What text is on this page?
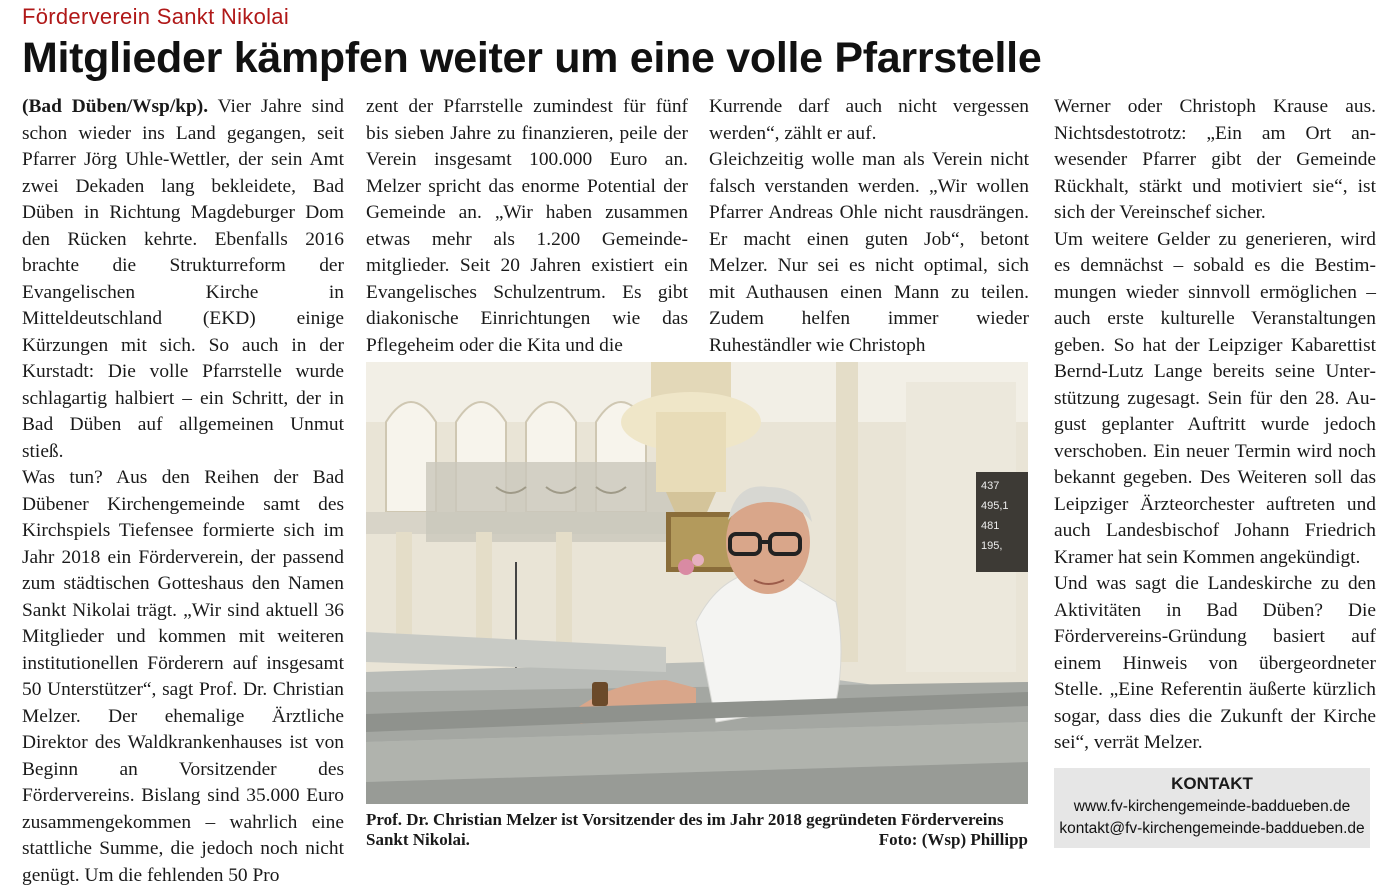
Förderverein Sankt Nikolai
Mitglieder kämpfen weiter um eine volle Pfarrstelle

(Bad Düben/Wsp/kp). Vier Jahre sind schon wieder ins Land gegangen, seit Pfarrer Jörg Uhle-Wettler, der sein Amt zwei Dekaden lang bekleidete, Bad Düben in Richtung Magdeburger Dom den Rücken kehrte. Ebenfalls 2016 brachte die Strukturreform der Evangelischen Kirche in Mitteldeutschland (EKD) einige Kürzungen mit sich. So auch in der Kurstadt: Die volle Pfarrstelle wurde schlagartig halbiert – ein Schritt, der in Bad Düben auf allgemeinen Unmut stieß.

Was tun? Aus den Reihen der Bad Dübener Kirchengemeinde samt des Kirchspiels Tiefensee formierte sich im Jahr 2018 ein Förderverein, der passend zum städtischen Gotteshaus den Namen Sankt Nikolai trägt. „Wir sind aktuell 36 Mitglieder und kommen mit weiteren institutionellen Förderern auf insgesamt 50 Unterstützer“, sagt Prof. Dr. Christian Melzer. Der ehemalige Ärztliche Direktor des Waldkrankenhauses ist von Beginn an Vorsitzender des Fördervereins. Bislang sind 35.000 Euro zusammengekommen – wahrlich eine stattliche Summe, die jedoch noch nicht genügt. Um die fehlenden 50 Pro

zent der Pfarrstelle zumindest für fünf bis sieben Jahre zu finanzieren, peile der Verein insgesamt 100.000 Euro an. Melzer spricht das enorme Potential der Gemeinde an. „Wir haben zusammen etwas mehr als 1.200 Gemeindemitglieder. Seit 20 Jahren existiert ein Evangelisches Schulzentrum. Es gibt diakonische Einrichtungen wie das Pflegeheim oder die Kita und die

Kurrende darf auch nicht vergessen werden“, zählt er auf.

Gleichzeitig wolle man als Verein nicht falsch verstanden werden. „Wir wollen Pfarrer Andreas Ohle nicht rausdrängen. Er macht einen guten Job“, betont Melzer. Nur sei es nicht optimal, sich mit Authausen einen Mann zu teilen. Zudem helfen immer wieder Ruheständler wie Christoph

Werner oder Christoph Krause aus. Nichtsdestotrotz: „Ein am Ort anwesender Pfarrer gibt der Gemeinde Rückhalt, stärkt und motiviert sie“, ist sich der Vereinschef sicher.

Um weitere Gelder zu generieren, wird es demnächst – sobald es die Bestimmungen wieder sinnvoll ermöglichen – auch erste kulturelle Veranstaltungen geben. So hat der Leipziger Kabarettist Bernd-Lutz Lange bereits seine Unterstützung zugesagt. Sein für den 28. August geplanter Auftritt wurde jedoch verschoben. Ein neuer Termin wird noch bekannt gegeben. Des Weiteren soll das Leipziger Ärzteorchester auftreten und auch Landesbischof Johann Friedrich Kramer hat sein Kommen angekündigt.

Und was sagt die Landeskirche zu den Aktivitäten in Bad Düben? Die Fördervereins-Gründung basiert auf einem Hinweis von übergeordneter Stelle. „Eine Referentin äußerte kürzlich sogar, dass dies die Zukunft der Kirche sei“, verrät Melzer.

437
495,1
481
195,
Prof. Dr. Christian Melzer ist Vorsitzender des im Jahr 2018 gegründeten Fördervereins Sankt Nikolai.	Foto: (Wsp) Phillipp
KONTAKT
www.fv-kirchengemeinde-baddueben.de
kontakt@fv-kirchengemeinde-baddueben.de
